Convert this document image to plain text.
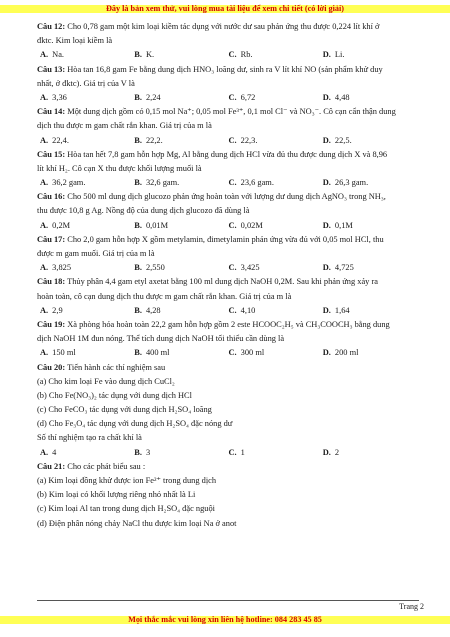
Đây là bản xem thử, vui lòng mua tài liệu để xem chi tiết (có lời giải)
Câu 12: Cho 0,78 gam một kim loại kiềm tác dụng với nước dư sau phản ứng thu được 0,224 lít khí ở
đktc. Kim loại kiềm là
A. Na.	B. K.	C. Rb.	D. Li.
Câu 13: Hòa tan 16,8 gam Fe bằng dung dịch HNO₃ loãng dư, sinh ra V lít khí NO (sản phẩm khử duy
nhất, ở đktc). Giá trị của V là
A. 3,36	B. 2,24	C. 6,72	D. 4,48
Câu 14: Một dung dịch gồm có 0,15 mol Na⁺; 0,05 mol Fe³⁺, 0,1 mol Cl⁻ và NO₃⁻. Cô cạn cẩn thận dung
dịch thu được m gam chất rắn khan. Giá trị của m là
A. 22,4.	B. 22,2.	C. 22,3.	D. 22,5.
Câu 15: Hòa tan hết 7,8 gam hỗn hợp Mg, Al bằng dung dịch HCl vừa đủ thu được dung dịch X và 8,96
lít khí H₂. Cô cạn X thu được khối lượng muối là
A. 36,2 gam.	B. 32,6 gam.	C. 23,6 gam.	D. 26,3 gam.
Câu 16: Cho 500 ml dung dịch glucozo phản ứng hoàn toàn với lượng dư dung dịch AgNO₃ trong NH₃,
thu được 10,8 g Ag. Nồng độ của dung dịch glucozo đã dùng là
A. 0,2M	B. 0,01M	C. 0,02M	D. 0,1M
Câu 17: Cho 2,0 gam hỗn hợp X gồm metylamin, đimetylamin phản ứng vừa đủ với 0,05 mol HCl, thu
được m gam muối. Giá trị của m là
A. 3,825	B. 2,550	C. 3,425	D. 4,725
Câu 18: Thủy phân 4,4 gam etyl axetat bằng 100 ml dung dịch NaOH 0,2M. Sau khi phản ứng xảy ra
hoàn toàn, cô cạn dung dịch thu được m gam chất rắn khan. Giá trị của m là
A. 2,9	B. 4,28	C. 4,10	D. 1,64
Câu 19: Xà phòng hóa hoàn toàn 22,2 gam hỗn hợp gồm 2 este HCOOC₂H₅ và CH₃COOCH₃ bằng dung
dịch NaOH 1M đun nóng. Thể tích dung dịch NaOH tối thiểu cần dùng là
A. 150 ml	B. 400 ml	C. 300 ml	D. 200 ml
Câu 20: Tiến hành các thí nghiệm sau
(a) Cho kim loại Fe vào dung dịch CuCl₂
(b) Cho Fe(NO₃)₂ tác dụng với dung dịch HCl
(c) Cho FeCO₃ tác dụng với dung dịch H₂SO₄ loãng
(d) Cho Fe₃O₄ tác dụng với dung dịch H₂SO₄ đặc nóng dư
Số thí nghiệm tạo ra chất khí là
A. 4	B. 3	C. 1	D. 2
Câu 21: Cho các phát biểu sau :
(a) Kim loại đồng khử được ion Fe²⁺ trong dung dịch
(b) Kim loại có khối lượng riêng nhỏ nhất là Li
(c) Kim loại Al tan trong dung dịch H₂SO₄ đặc nguội
(d) Điện phân nóng chảy NaCl thu được kim loại Na ở anot
Trang 2
Mọi thắc mắc vui lòng xin liên hệ hotline: 084 283 45 85
